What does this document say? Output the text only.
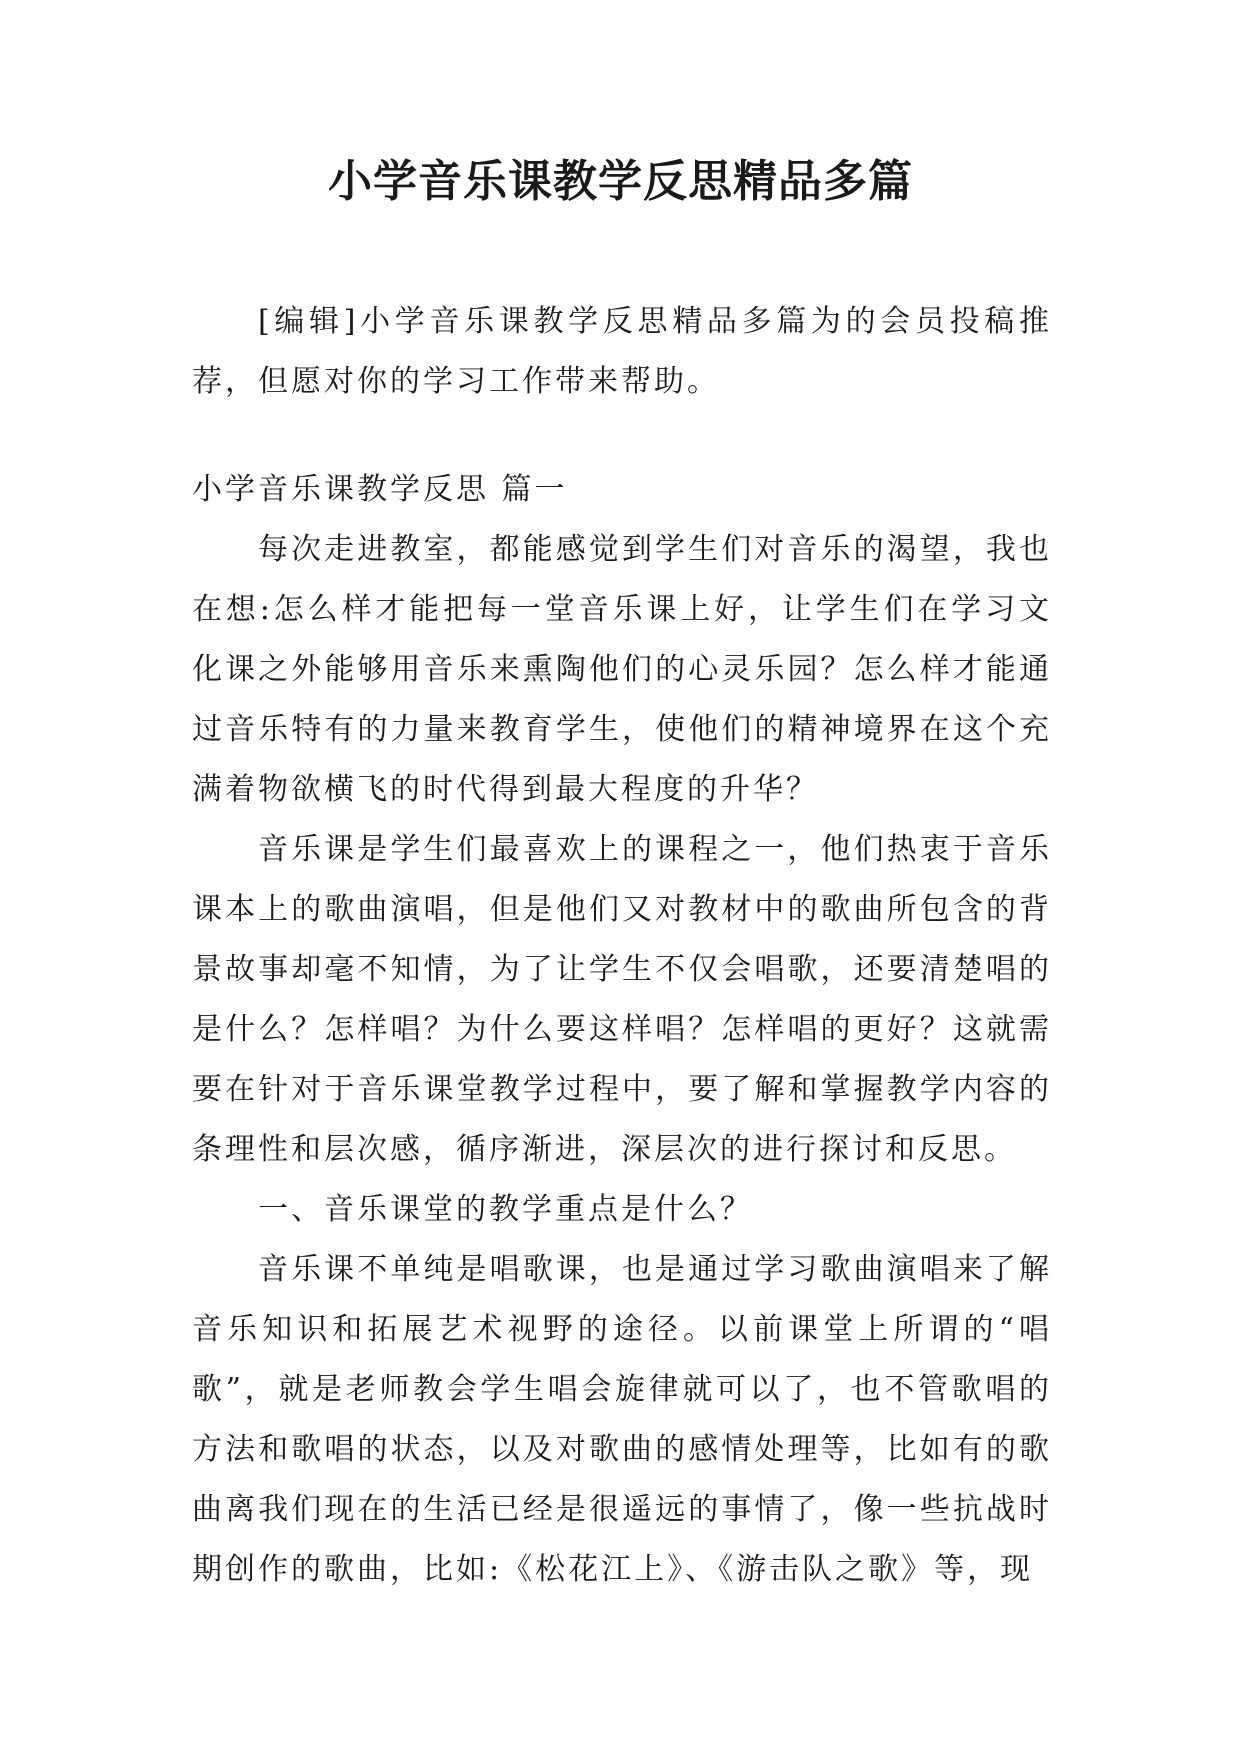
小学音乐课教学反思精品多篇

[编辑]小学音乐课教学反思精品多篇为的会员投稿推荐，但愿对你的学习工作带来帮助。

小学音乐课教学反思 篇一

每次走进教室，都能感觉到学生们对音乐的渴望，我也在想:怎么样才能把每一堂音乐课上好，让学生们在学习文化课之外能够用音乐来熏陶他们的心灵乐园？怎么样才能通过音乐特有的力量来教育学生，使他们的精神境界在这个充满着物欲横飞的时代得到最大程度的升华？

音乐课是学生们最喜欢上的课程之一，他们热衷于音乐课本上的歌曲演唱，但是他们又对教材中的歌曲所包含的背景故事却毫不知情，为了让学生不仅会唱歌，还要清楚唱的是什么？怎样唱？为什么要这样唱？怎样唱的更好？这就需要在针对于音乐课堂教学过程中，要了解和掌握教学内容的条理性和层次感，循序渐进，深层次的进行探讨和反思。

一、音乐课堂的教学重点是什么？

音乐课不单纯是唱歌课，也是通过学习歌曲演唱来了解音乐知识和拓展艺术视野的途径。以前课堂上所谓的“唱歌”，就是老师教会学生唱会旋律就可以了，也不管歌唱的方法和歌唱的状态，以及对歌曲的感情处理等，比如有的歌曲离我们现在的生活已经是很遥远的事情了，像一些抗战时期创作的歌曲，比如:《松花江上》、《游击队之歌》等，现
